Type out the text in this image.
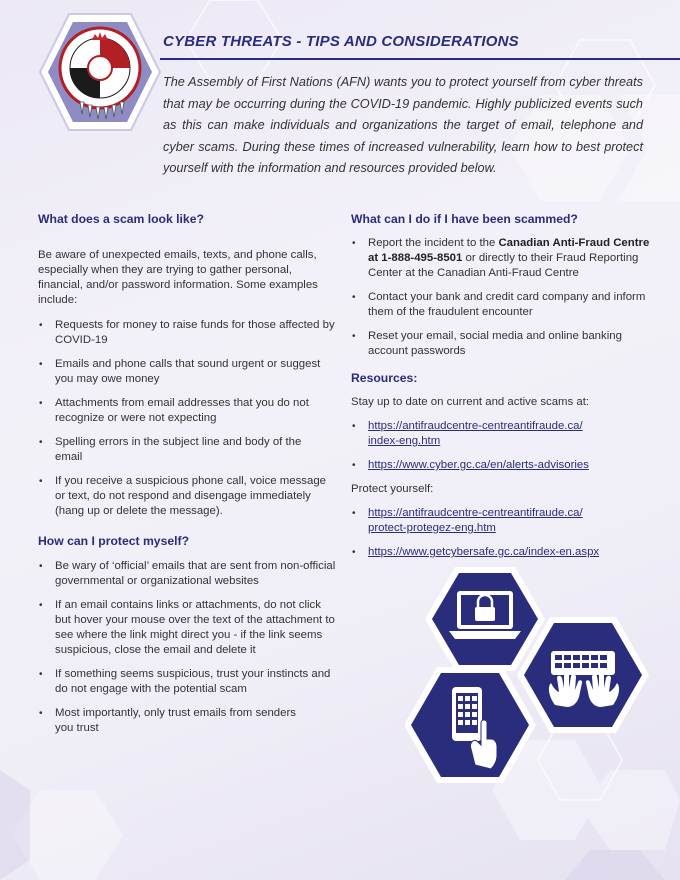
CYBER THREATS - TIPS AND CONSIDERATIONS

The Assembly of First Nations (AFN) wants you to protect yourself from cyber threats that may be occurring during the COVID-19 pandemic. Highly publicized events such as this can make individuals and organizations the target of email, telephone and cyber scams. During these times of increased vulnerability, learn how to best protect yourself with the information and resources provided below.

What does a scam look like?

Be aware of unexpected emails, texts, and phone calls, especially when they are trying to gather personal, financial, and/or password information. Some examples include:

• Requests for money to raise funds for those affected by COVID-19
• Emails and phone calls that sound urgent or suggest you may owe money
• Attachments from email addresses that you do not recognize or were not expecting
• Spelling errors in the subject line and body of the email
• If you receive a suspicious phone call, voice message or text, do not respond and disengage immediately (hang up or delete the message).
How can I protect myself?
• Be wary of ‘official’ emails that are sent from non-official governmental or organizational websites
• If an email contains links or attachments, do not click but hover your mouse over the text of the attachment to see where the link might direct you - if the link seems suspicious, close the email and delete it
• If something seems suspicious, trust your instincts and do not engage with the potential scam
• Most importantly, only trust emails from senders you trust
What can I do if I have been scammed?
• Report the incident to the Canadian Anti-Fraud Centre at 1-888-495-8501 or directly to their Fraud Reporting Center at the Canadian Anti-Fraud Centre
• Contact your bank and credit card company and inform them of the fraudulent encounter
• Reset your email, social media and online banking account passwords
Resources:

Stay up to date on current and active scams at:

• https://antifraudcentre-centreantifraude.ca/ index-eng.htm
• https://www.cyber.gc.ca/en/alerts-advisories

Protect yourself:

• https://antifraudcentre-centreantifraude.ca/ protect-protegez-eng.htm
• https://www.getcybersafe.gc.ca/index-en.aspx
